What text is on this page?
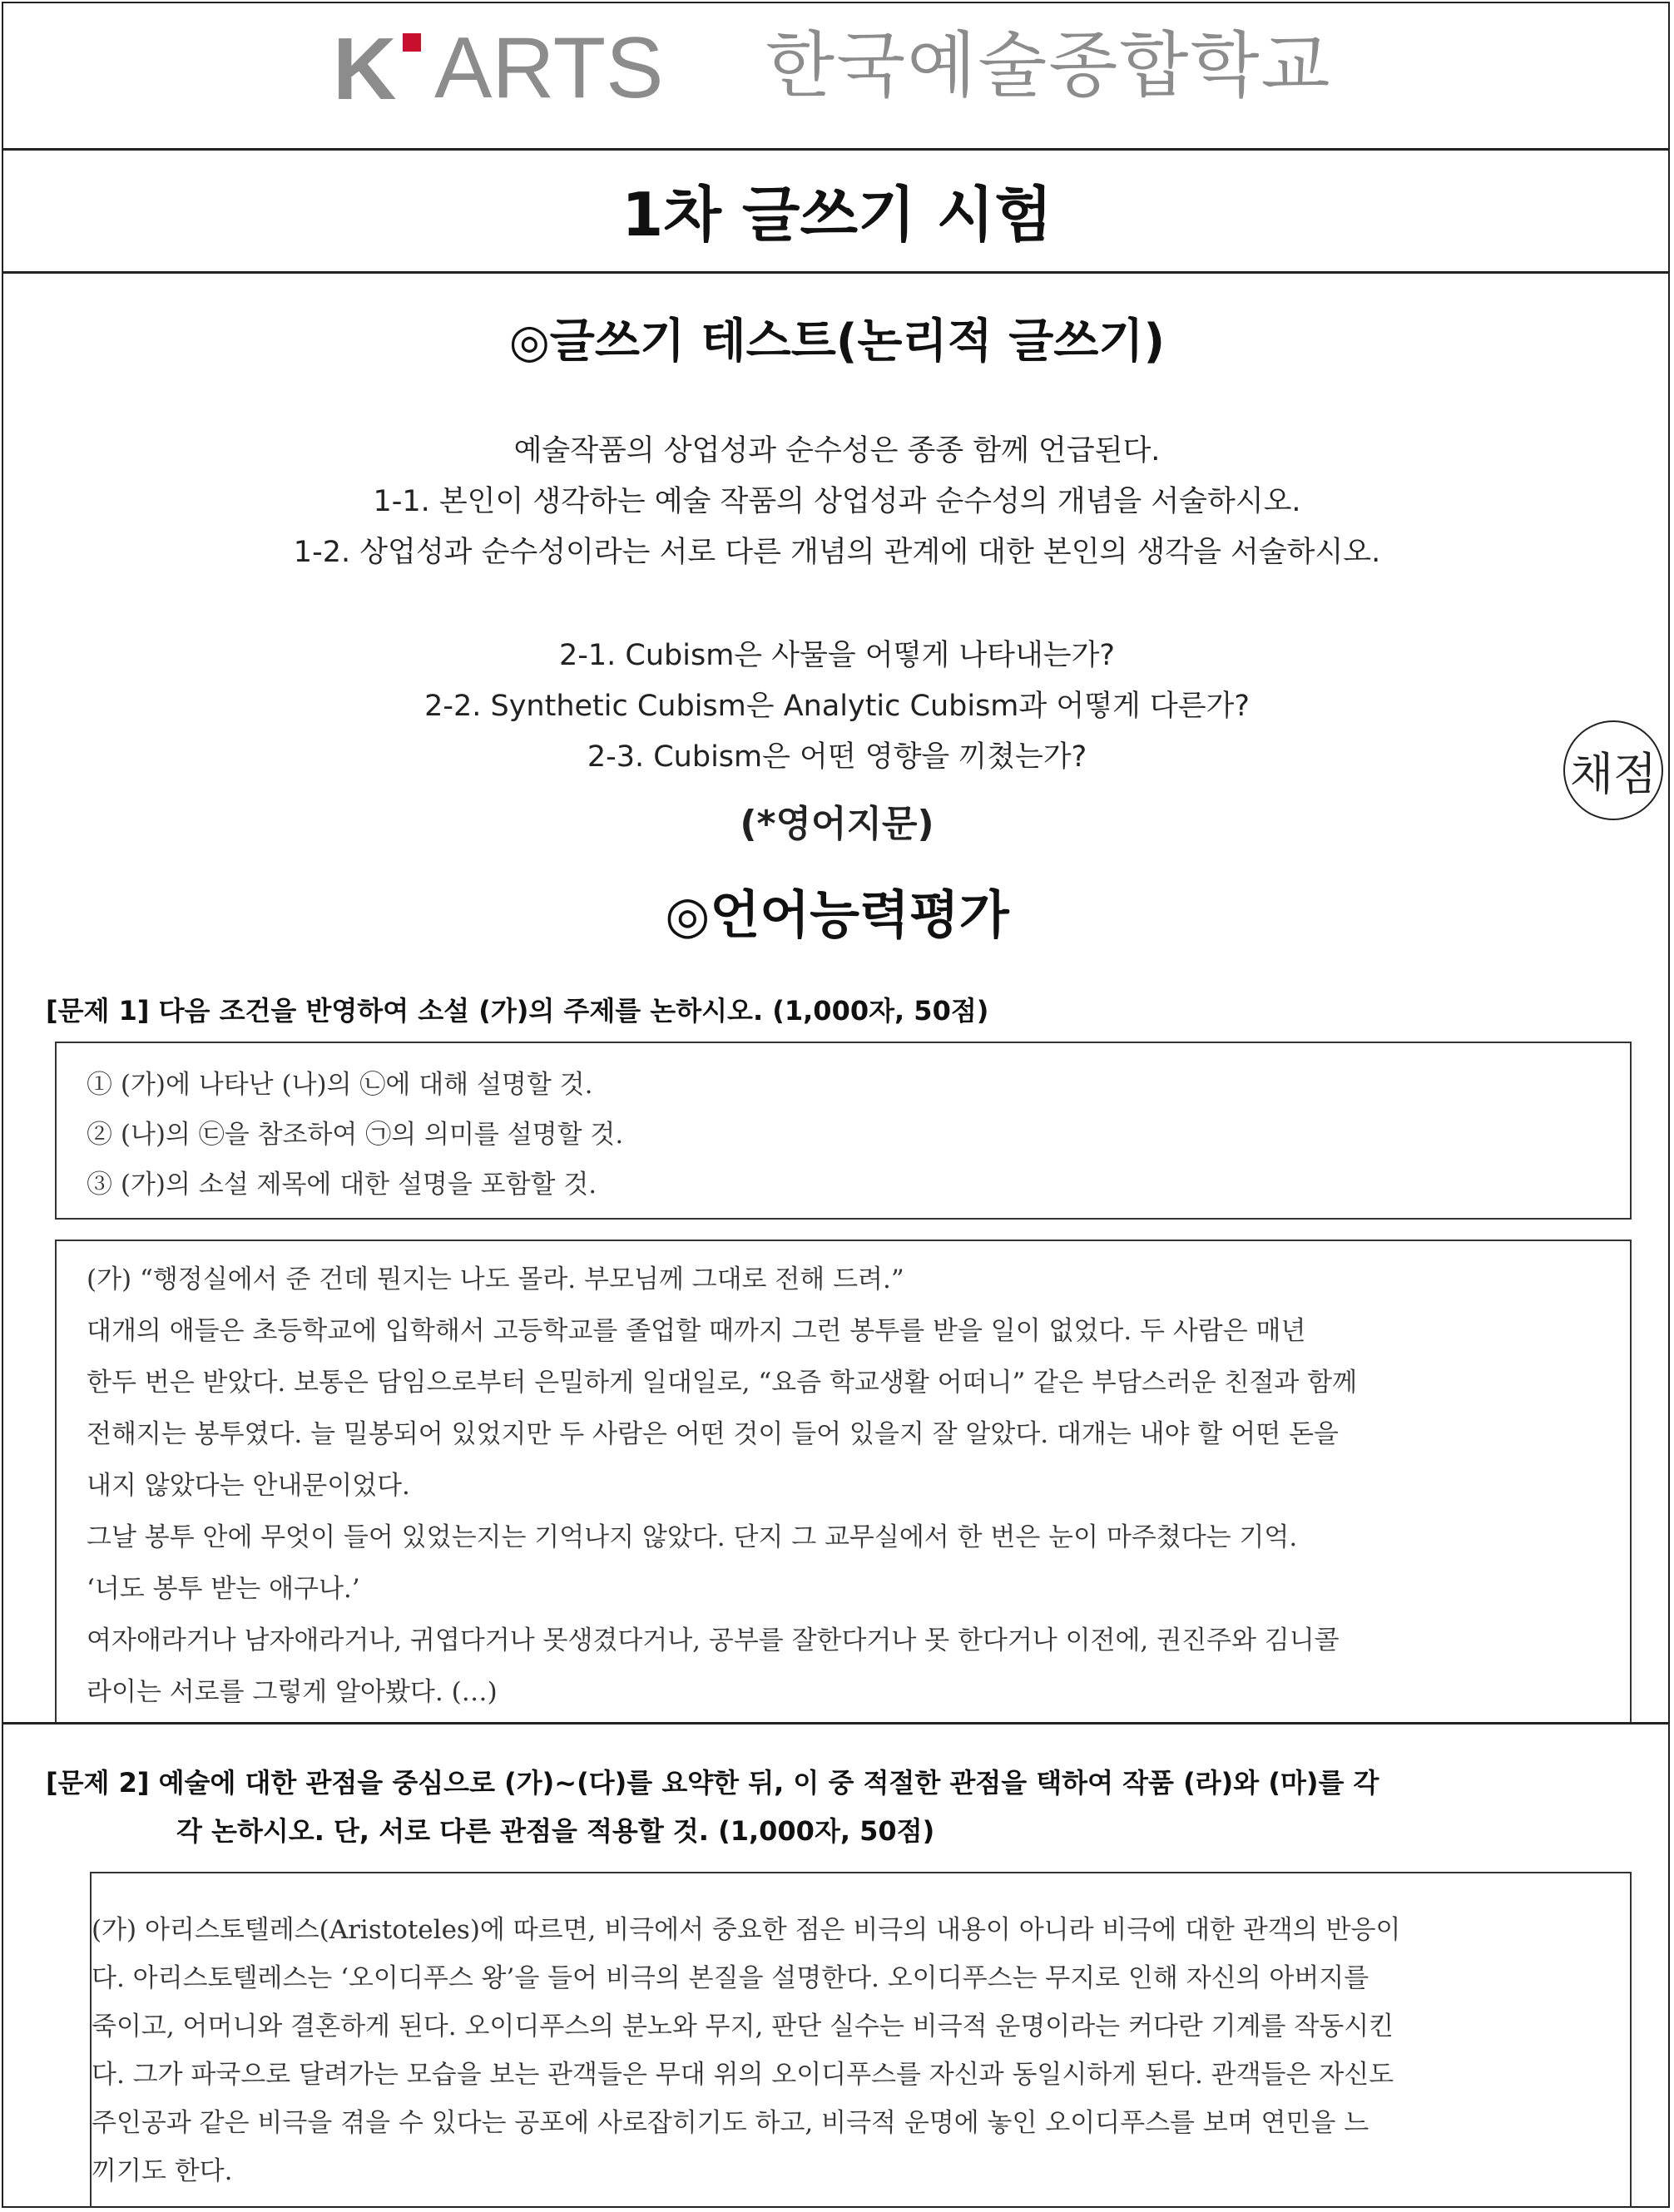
K ARTS 한국예술종합학교
1차 글쓰기 시험
◎글쓰기 테스트(논리적 글쓰기)
예술작품의 상업성과 순수성은 종종 함께 언급된다.
1-1. 본인이 생각하는 예술 작품의 상업성과 순수성의 개념을 서술하시오.
1-2. 상업성과 순수성이라는 서로 다른 개념의 관계에 대한 본인의 생각을 서술하시오.
2-1. Cubism은 사물을 어떻게 나타내는가?
2-2. Synthetic Cubism은 Analytic Cubism과 어떻게 다른가?
2-3. Cubism은 어떤 영향을 끼쳤는가?
(*영어지문)
채점
◎언어능력평가
[문제 1] 다음 조건을 반영하여 소설 (가)의 주제를 논하시오. (1,000자, 50점)
① (가)에 나타난 (나)의 ㉡에 대해 설명할 것.
② (나)의 ㉢을 참조하여 ㉠의 의미를 설명할 것.
③ (가)의 소설 제목에 대한 설명을 포함할 것.
(가) “행정실에서 준 건데 뭔지는 나도 몰라. 부모님께 그대로 전해 드려.”
대개의 애들은 초등학교에 입학해서 고등학교를 졸업할 때까지 그런 봉투를 받을 일이 없었다. 두 사람은 매년
한두 번은 받았다. 보통은 담임으로부터 은밀하게 일대일로, “요즘 학교생활 어떠니” 같은 부담스러운 친절과 함께
전해지는 봉투였다. 늘 밀봉되어 있었지만 두 사람은 어떤 것이 들어 있을지 잘 알았다. 대개는 내야 할 어떤 돈을
내지 않았다는 안내문이었다.
그날 봉투 안에 무엇이 들어 있었는지는 기억나지 않았다. 단지 그 교무실에서 한 번은 눈이 마주쳤다는 기억.
‘너도 봉투 받는 애구나.’
여자애라거나 남자애라거나, 귀엽다거나 못생겼다거나, 공부를 잘한다거나 못 한다거나 이전에, 권진주와 김니콜
라이는 서로를 그렇게 알아봤다. (…)
[문제 2] 예술에 대한 관점을 중심으로 (가)~(다)를 요약한 뒤, 이 중 적절한 관점을 택하여 작품 (라)와 (마)를 각
각 논하시오. 단, 서로 다른 관점을 적용할 것. (1,000자, 50점)
(가) 아리스토텔레스(Aristoteles)에 따르면, 비극에서 중요한 점은 비극의 내용이 아니라 비극에 대한 관객의 반응이
다. 아리스토텔레스는 ‘오이디푸스 왕’을 들어 비극의 본질을 설명한다. 오이디푸스는 무지로 인해 자신의 아버지를
죽이고, 어머니와 결혼하게 된다. 오이디푸스의 분노와 무지, 판단 실수는 비극적 운명이라는 커다란 기계를 작동시킨
다. 그가 파국으로 달려가는 모습을 보는 관객들은 무대 위의 오이디푸스를 자신과 동일시하게 된다. 관객들은 자신도
주인공과 같은 비극을 겪을 수 있다는 공포에 사로잡히기도 하고, 비극적 운명에 놓인 오이디푸스를 보며 연민을 느
끼기도 한다.
